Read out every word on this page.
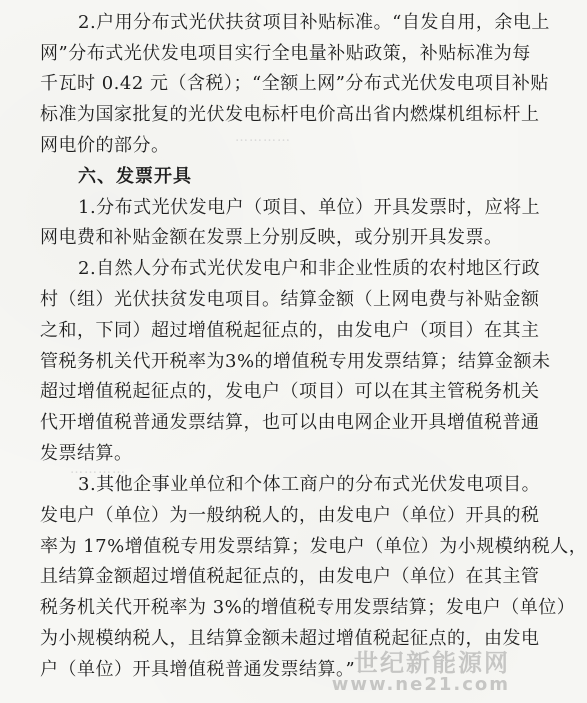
…………
…………
2.户用分布式光伏扶贫项目补贴标准。“自发自用，余电上
网”分布式光伏发电项目实行全电量补贴政策，补贴标准为每
千瓦时 0.42 元（含税）；“全额上网”分布式光伏发电项目补贴
标准为国家批复的光伏发电标杆电价高出省内燃煤机组标杆上
网电价的部分。
六、发票开具
1.分布式光伏发电户（项目、单位）开具发票时，应将上
网电费和补贴金额在发票上分别反映，或分别开具发票。
2.自然人分布式光伏发电户和非企业性质的农村地区行政
村（组）光伏扶贫发电项目。结算金额（上网电费与补贴金额
之和，下同）超过增值税起征点的，由发电户（项目）在其主
管税务机关代开税率为3%的增值税专用发票结算；结算金额未
超过增值税起征点的，发电户（项目）可以在其主管税务机关
代开增值税普通发票结算，也可以由电网企业开具增值税普通
发票结算。
3.其他企事业单位和个体工商户的分布式光伏发电项目。
发电户（单位）为一般纳税人的，由发电户（单位）开具的税
率为 17%增值税专用发票结算；发电户（单位）为小规模纳税人，
且结算金额超过增值税起征点的，由发电户（单位）在其主管
税务机关代开税率为 3%的增值税专用发票结算；发电户（单位）
为小规模纳税人，且结算金额未超过增值税起征点的，由发电
户（单位）开具增值税普通发票结算。”
世纪新能源网
www.ne21.com
